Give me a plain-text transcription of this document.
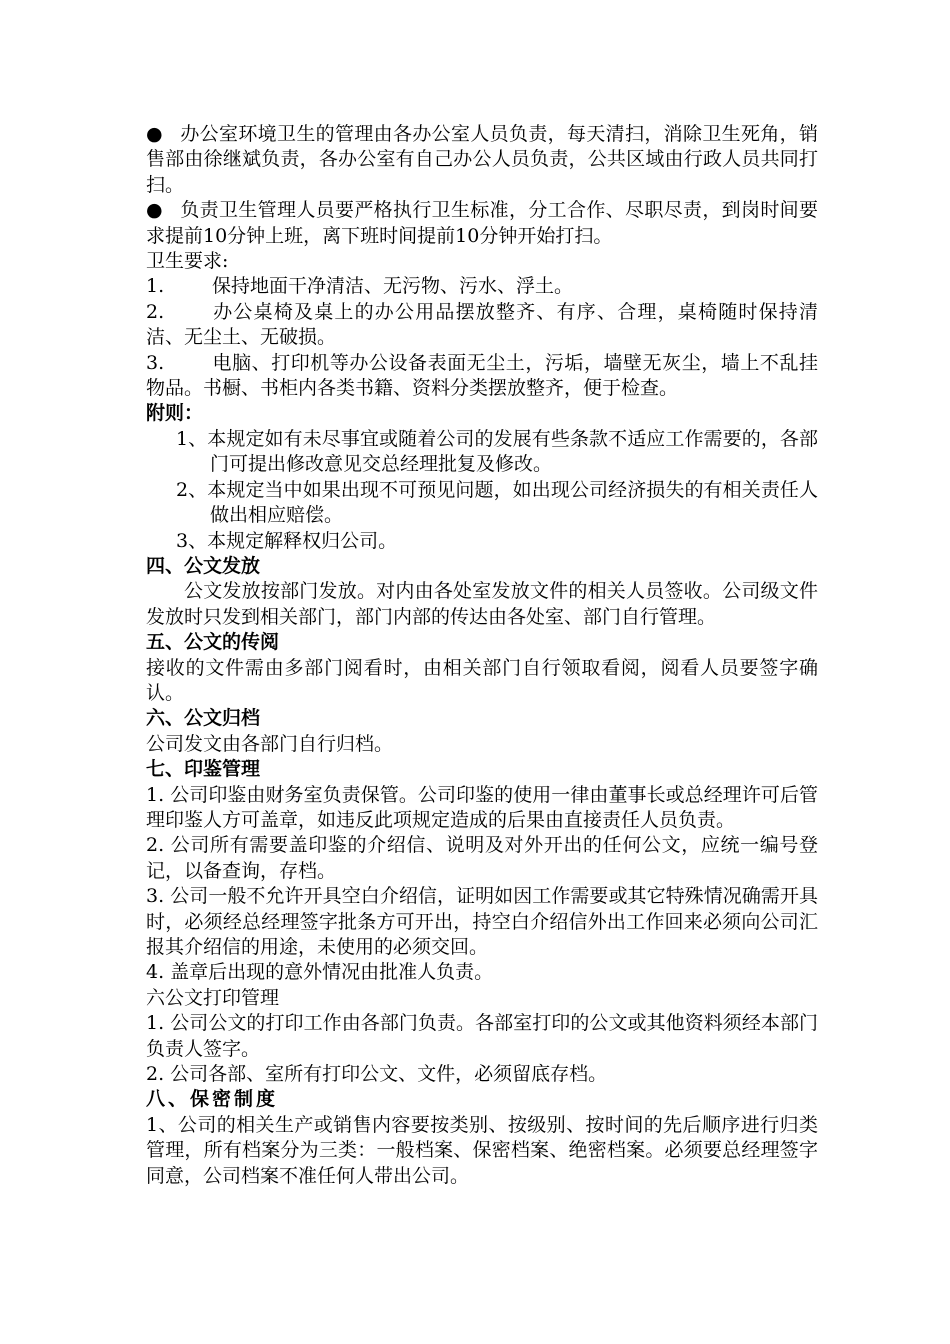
● 办公室环境卫生的管理由各办公室人员负责，每天清扫，消除卫生死角，销售部由徐继斌负责，各办公室有自己办公人员负责，公共区域由行政人员共同打扫。

● 负责卫生管理人员要严格执行卫生标准，分工合作、尽职尽责，到岗时间要求提前10分钟上班，离下班时间提前10分钟开始打扫。

卫生要求:

1.	保持地面干净清洁、无污物、污水、浮土。

2.	办公桌椅及桌上的办公用品摆放整齐、有序、合理，桌椅随时保持清洁、无尘土、无破损。

3.	电脑、打印机等办公设备表面无尘土，污垢，墙壁无灰尘，墙上不乱挂物品。书橱、书柜内各类书籍、资料分类摆放整齐，便于检查。

附则：

1、本规定如有未尽事宜或随着公司的发展有些条款不适应工作需要的，各部门可提出修改意见交总经理批复及修改。

2、本规定当中如果出现不可预见问题，如出现公司经济损失的有相关责任人做出相应赔偿。

3、本规定解释权归公司。

四、公文发放

公文发放按部门发放。对内由各处室发放文件的相关人员签收。公司级文件发放时只发到相关部门，部门内部的传达由各处室、部门自行管理。

五、公文的传阅

接收的文件需由多部门阅看时，由相关部门自行领取看阅，阅看人员要签字确认。

六、公文归档

公司发文由各部门自行归档。

七、印鉴管理

1. 公司印鉴由财务室负责保管。公司印鉴的使用一律由董事长或总经理许可后管理印鉴人方可盖章，如违反此项规定造成的后果由直接责任人员负责。

2. 公司所有需要盖印鉴的介绍信、说明及对外开出的任何公文，应统一编号登记，以备查询，存档。

3. 公司一般不允许开具空白介绍信，证明如因工作需要或其它特殊情况确需开具时，必须经总经理签字批条方可开出，持空白介绍信外出工作回来必须向公司汇报其介绍信的用途，未使用的必须交回。

4. 盖章后出现的意外情况由批准人负责。

六公文打印管理

1. 公司公文的打印工作由各部门负责。各部室打印的公文或其他资料须经本部门负责人签字。

2. 公司各部、室所有打印公文、文件，必须留底存档。

八、保密制度

1、公司的相关生产或销售内容要按类别、按级别、按时间的先后顺序进行归类管理，所有档案分为三类：一般档案、保密档案、绝密档案。必须要总经理签字同意，公司档案不准任何人带出公司。
